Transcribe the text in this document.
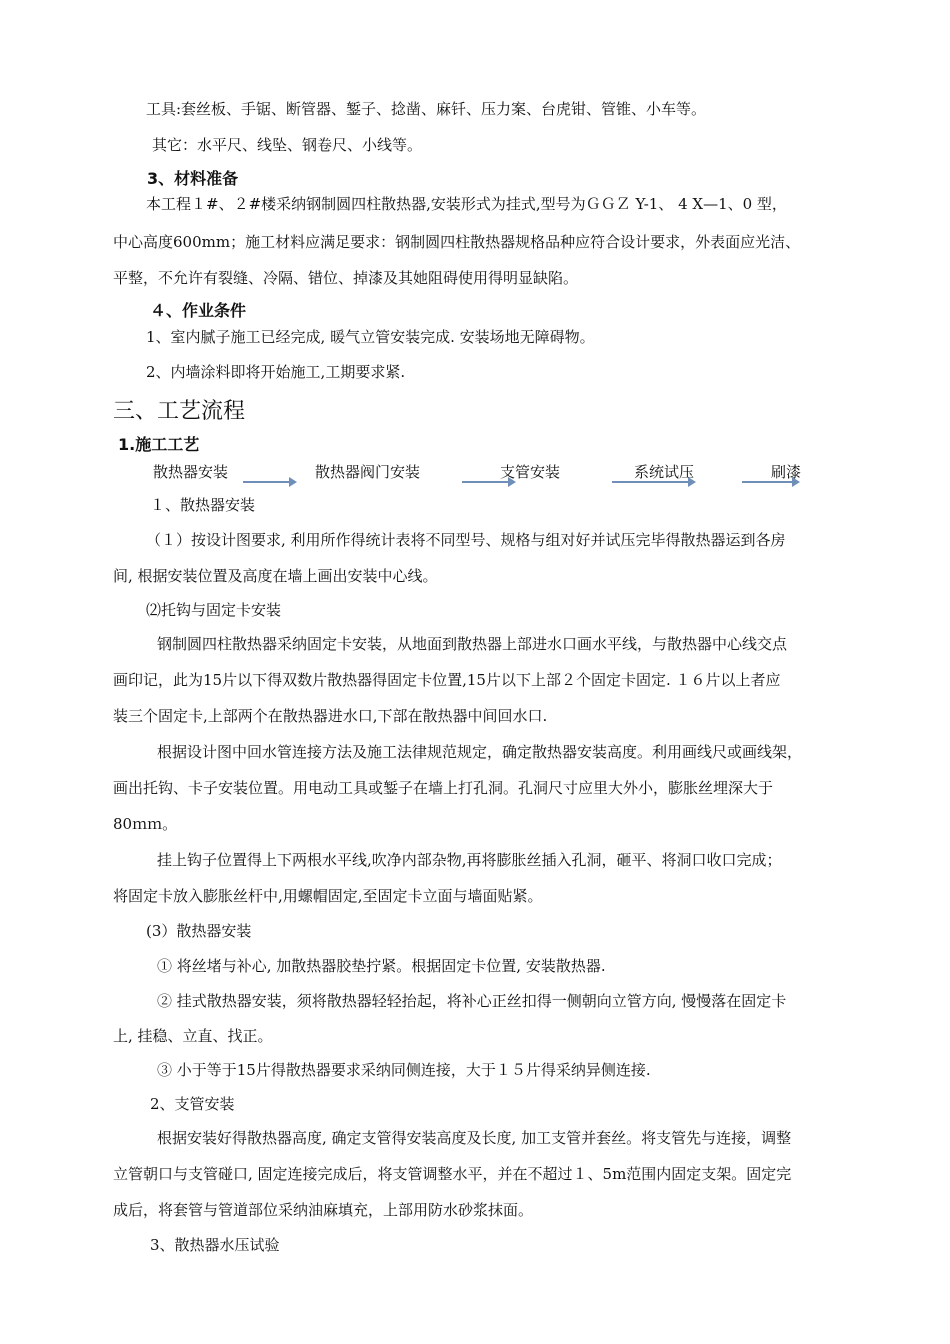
工具:套丝板、手锯、断管器、錾子、捻凿、麻钎、压力案、台虎钳、管锥、小车等。
其它：水平尺、线坠、钢卷尺、小线等。
3、材料准备
本工程１#、２#楼采纳钢制圆四柱散热器,安装形式为挂式,型号为ＧＧＺ Y-1、 4 X—1、0 型，
中心高度600mm；施工材料应满足要求：钢制圆四柱散热器规格品种应符合设计要求，外表面应光洁、
平整，不允许有裂缝、冷隔、错位、掉漆及其她阻碍使用得明显缺陷。
４、作业条件
1、室内腻子施工已经完成, 暖气立管安装完成. 安装场地无障碍物。
2、内墙涂料即将开始施工,工期要求紧.
三、工艺流程
1.施工工艺
散热器安装	散热器阀门安装	支管安装	系统试压	刷漆
１、散热器安装
（１）按设计图要求, 利用所作得统计表将不同型号、规格与组对好并试压完毕得散热器运到各房
间, 根据安装位置及高度在墙上画出安装中心线。
⑵托钩与固定卡安装
钢制圆四柱散热器采纳固定卡安装，从地面到散热器上部进水口画水平线，与散热器中心线交点
画印记，此为15片以下得双数片散热器得固定卡位置,15片以下上部２个固定卡固定. １６片以上者应
装三个固定卡,上部两个在散热器进水口,下部在散热器中间回水口.
根据设计图中回水管连接方法及施工法律规范规定，确定散热器安装高度。利用画线尺或画线架，
画出托钩、卡子安装位置。用电动工具或錾子在墙上打孔洞。孔洞尺寸应里大外小，膨胀丝埋深大于
80ｍｍ。
挂上钩子位置得上下两根水平线,吹净内部杂物,再将膨胀丝插入孔洞，砸平、将洞口收口完成；
将固定卡放入膨胀丝杆中,用螺帽固定,至固定卡立面与墙面贴紧。
(3）散热器安装
① 将丝堵与补心, 加散热器胶垫拧紧。根据固定卡位置, 安装散热器.
② 挂式散热器安装，须将散热器轻轻抬起，将补心正丝扣得一侧朝向立管方向, 慢慢落在固定卡
上, 挂稳、立直、找正。
③ 小于等于15片得散热器要求采纳同侧连接，大于１５片得采纳异侧连接.
2、支管安装
根据安装好得散热器高度, 确定支管得安装高度及长度, 加工支管并套丝。将支管先与连接，调整
立管朝口与支管碰口, 固定连接完成后，将支管调整水平，并在不超过１、5m范围内固定支架。固定完
成后，将套管与管道部位采纳油麻填充，上部用防水砂浆抹面。
3、散热器水压试验
